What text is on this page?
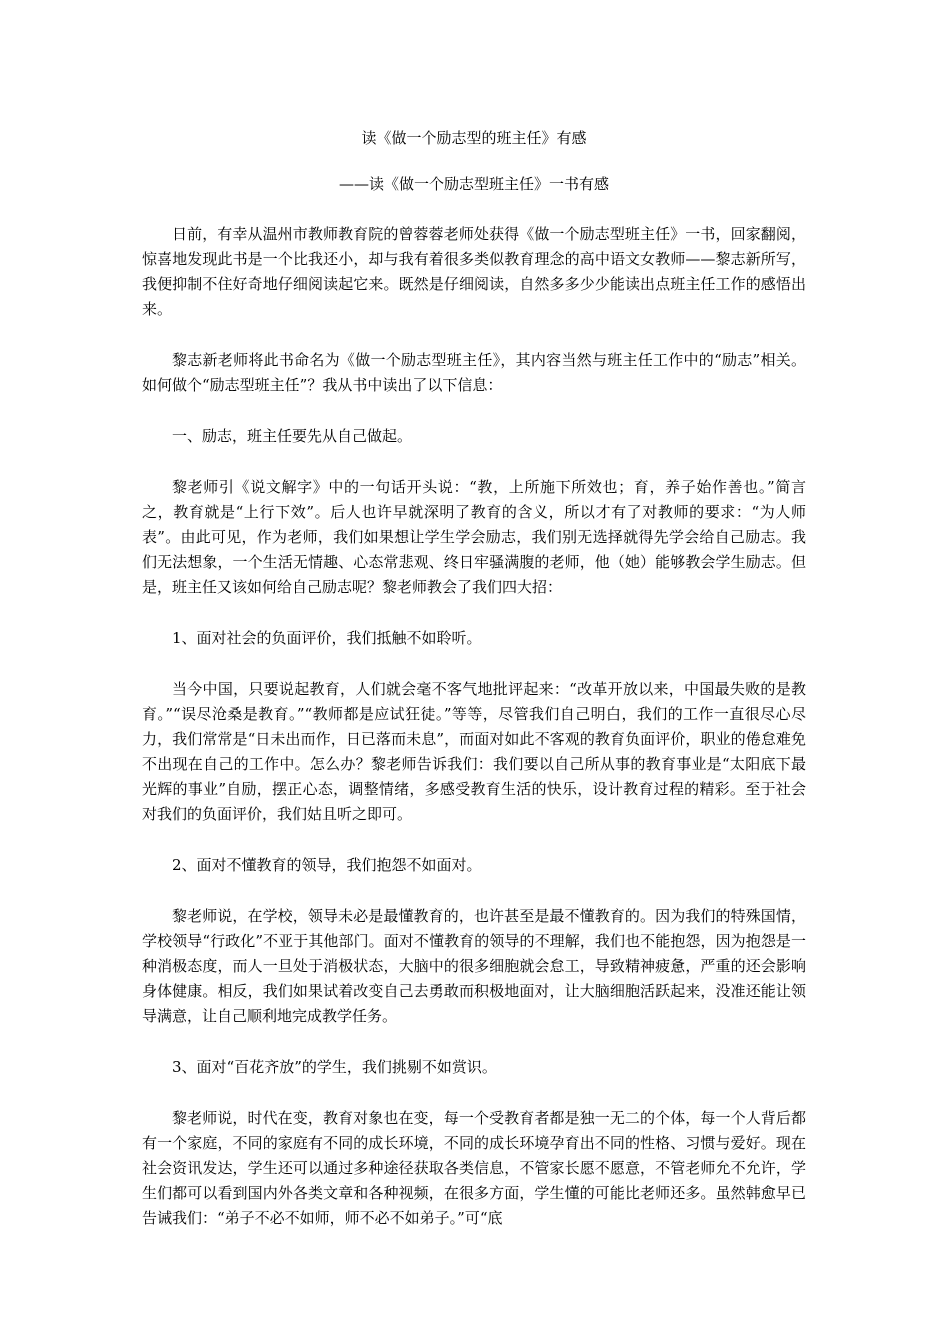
读《做一个励志型的班主任》有感
——读《做一个励志型班主任》一书有感

日前，有幸从温州市教师教育院的曾蓉蓉老师处获得《做一个励志型班主任》一书，回家翻阅，惊喜地发现此书是一个比我还小，却与我有着很多类似教育理念的高中语文女教师——黎志新所写，我便抑制不住好奇地仔细阅读起它来。既然是仔细阅读，自然多多少少能读出点班主任工作的感悟出来。

黎志新老师将此书命名为《做一个励志型班主任》，其内容当然与班主任工作中的“励志”相关。如何做个“励志型班主任”？我从书中读出了以下信息：

一、励志，班主任要先从自己做起。

黎老师引《说文解字》中的一句话开头说：“教，上所施下所效也；育，养子始作善也。”简言之，教育就是“上行下效”。后人也许早就深明了教育的含义，所以才有了对教师的要求：“为人师表”。由此可见，作为老师，我们如果想让学生学会励志，我们别无选择就得先学会给自己励志。我们无法想象，一个生活无情趣、心态常悲观、终日牢骚满腹的老师，他（她）能够教会学生励志。但是，班主任又该如何给自己励志呢？黎老师教会了我们四大招：

1、面对社会的负面评价，我们抵触不如聆听。

当今中国，只要说起教育，人们就会毫不客气地批评起来：“改革开放以来，中国最失败的是教育。”“误尽沧桑是教育。”“教师都是应试狂徒。”等等，尽管我们自己明白，我们的工作一直很尽心尽力，我们常常是“日未出而作，日已落而未息”，而面对如此不客观的教育负面评价，职业的倦怠难免不出现在自己的工作中。怎么办？黎老师告诉我们：我们要以自己所从事的教育事业是“太阳底下最光辉的事业”自励，摆正心态，调整情绪，多感受教育生活的快乐，设计教育过程的精彩。至于社会对我们的负面评价，我们姑且听之即可。

2、面对不懂教育的领导，我们抱怨不如面对。

黎老师说，在学校，领导未必是最懂教育的，也许甚至是最不懂教育的。因为我们的特殊国情，学校领导“行政化”不亚于其他部门。面对不懂教育的领导的不理解，我们也不能抱怨，因为抱怨是一种消极态度，而人一旦处于消极状态，大脑中的很多细胞就会怠工，导致精神疲惫，严重的还会影响身体健康。相反，我们如果试着改变自己去勇敢而积极地面对，让大脑细胞活跃起来，没准还能让领导满意，让自己顺利地完成教学任务。

3、面对“百花齐放”的学生，我们挑剔不如赏识。

黎老师说，时代在变，教育对象也在变，每一个受教育者都是独一无二的个体，每一个人背后都有一个家庭，不同的家庭有不同的成长环境，不同的成长环境孕育出不同的性格、习惯与爱好。现在社会资讯发达，学生还可以通过多种途径获取各类信息，不管家长愿不愿意，不管老师允不允许，学生们都可以看到国内外各类文章和各种视频，在很多方面，学生懂的可能比老师还多。虽然韩愈早已告诫我们：“弟子不必不如师，师不必不如弟子。”可“底
